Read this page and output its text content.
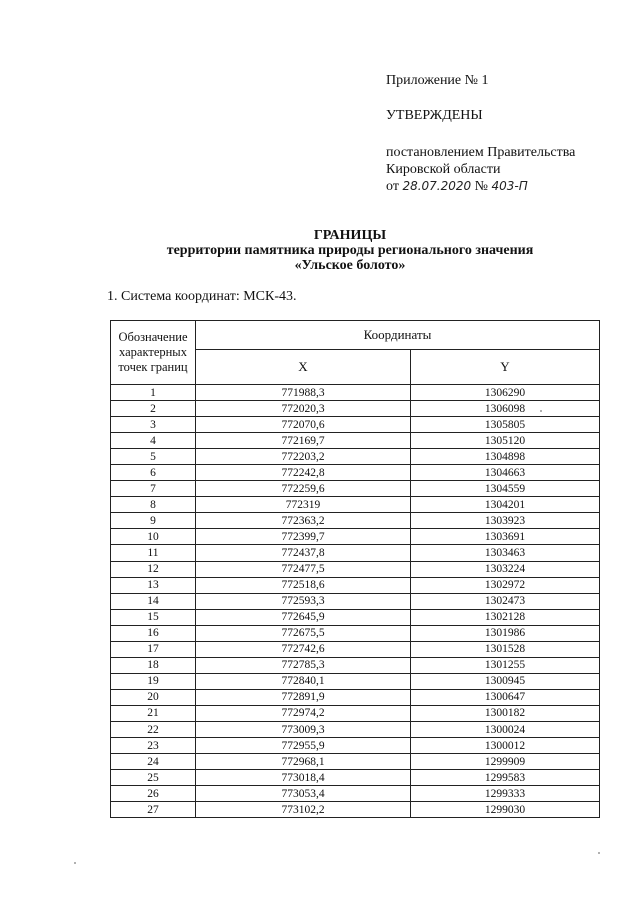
Приложение № 1
УТВЕРЖДЕНЫ
постановлением Правительства
Кировской области
от 28.07.2020 № 403-П
ГРАНИЦЫ
территории памятника природы регионального значения
«Ульское болото»
1. Система координат: МСК-43.
Обозначение характерных точек границ	Координаты	
	X	Y
1	771988,3	1306290
2	772020,3	1306098
3	772070,6	1305805
4	772169,7	1305120
5	772203,2	1304898
6	772242,8	1304663
7	772259,6	1304559
8	772319	1304201
9	772363,2	1303923
10	772399,7	1303691
11	772437,8	1303463
12	772477,5	1303224
13	772518,6	1302972
14	772593,3	1302473
15	772645,9	1302128
16	772675,5	1301986
17	772742,6	1301528
18	772785,3	1301255
19	772840,1	1300945
20	772891,9	1300647
21	772974,2	1300182
22	773009,3	1300024
23	772955,9	1300012
24	772968,1	1299909
25	773018,4	1299583
26	773053,4	1299333
27	773102,2	1299030
